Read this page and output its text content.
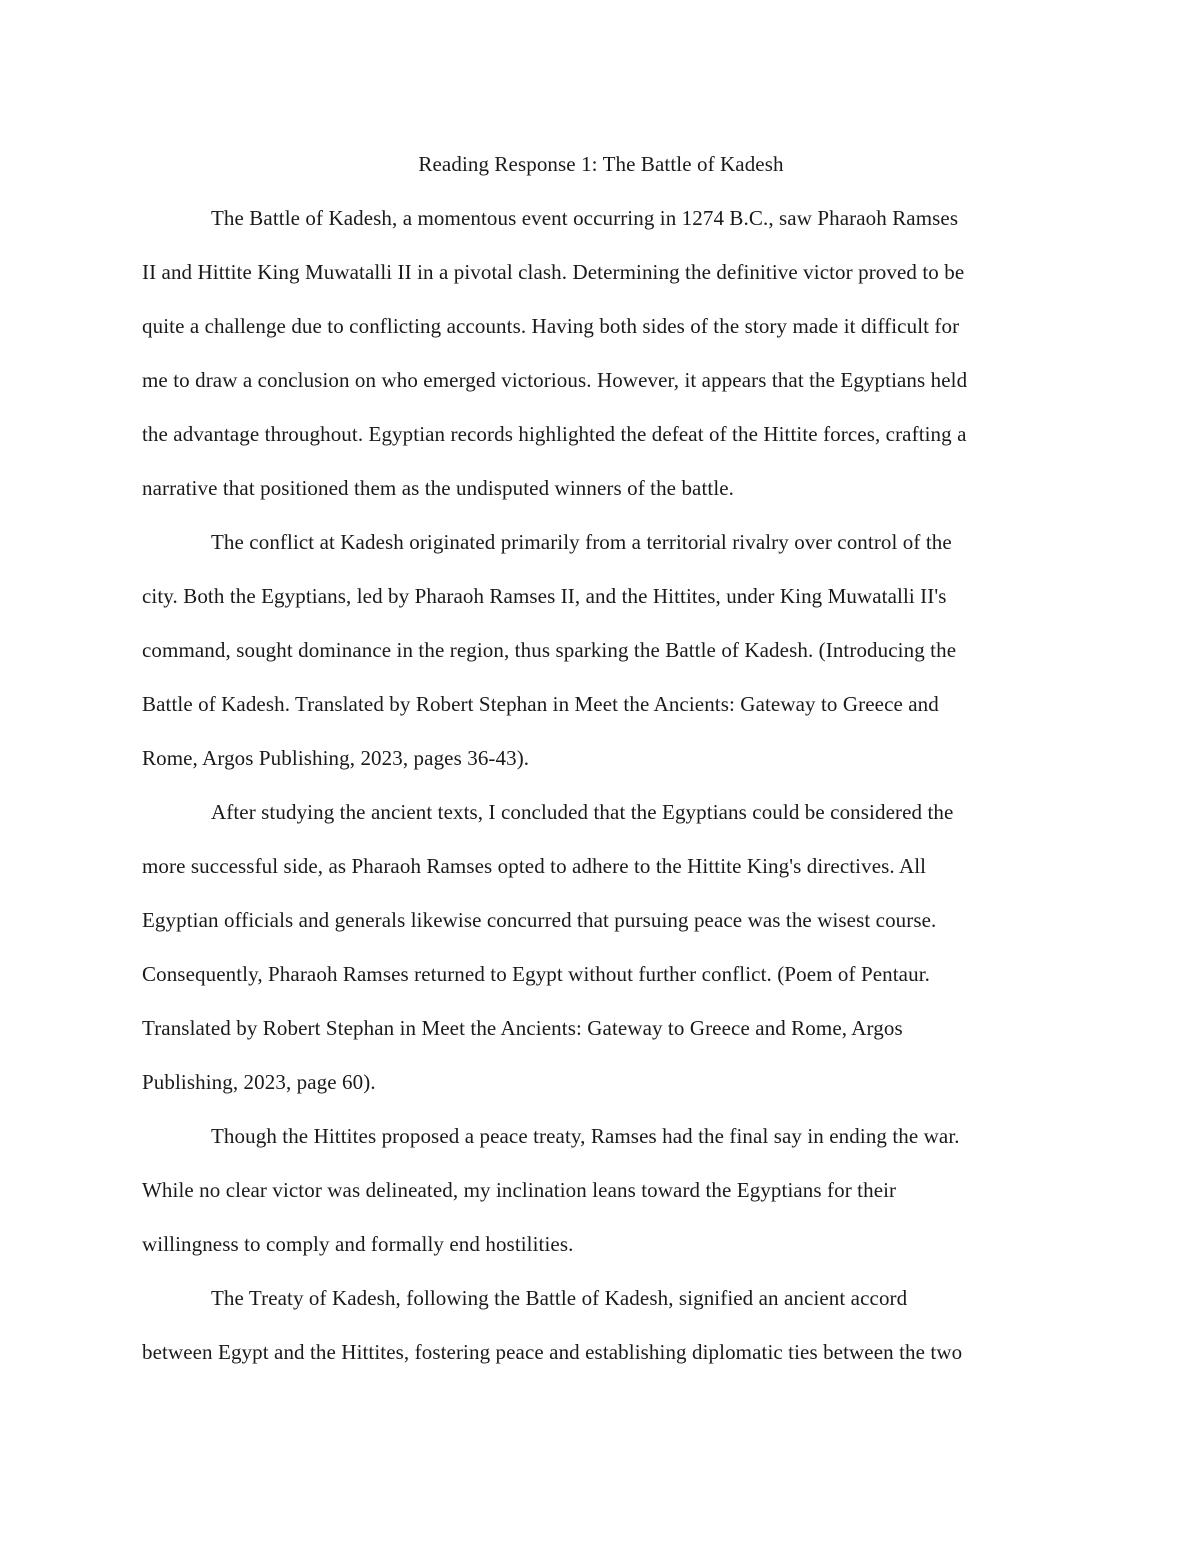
Reading Response 1: The Battle of Kadesh

The Battle of Kadesh, a momentous event occurring in 1274 B.C., saw Pharaoh Ramses
II and Hittite King Muwatalli II in a pivotal clash. Determining the definitive victor proved to be
quite a challenge due to conflicting accounts. Having both sides of the story made it difficult for
me to draw a conclusion on who emerged victorious. However, it appears that the Egyptians held
the advantage throughout. Egyptian records highlighted the defeat of the Hittite forces, crafting a
narrative that positioned them as the undisputed winners of the battle.

The conflict at Kadesh originated primarily from a territorial rivalry over control of the
city. Both the Egyptians, led by Pharaoh Ramses II, and the Hittites, under King Muwatalli II's
command, sought dominance in the region, thus sparking the Battle of Kadesh. (Introducing the
Battle of Kadesh. Translated by Robert Stephan in Meet the Ancients: Gateway to Greece and
Rome, Argos Publishing, 2023, pages 36-43).

After studying the ancient texts, I concluded that the Egyptians could be considered the
more successful side, as Pharaoh Ramses opted to adhere to the Hittite King's directives. All
Egyptian officials and generals likewise concurred that pursuing peace was the wisest course.
Consequently, Pharaoh Ramses returned to Egypt without further conflict. (Poem of Pentaur.
Translated by Robert Stephan in Meet the Ancients: Gateway to Greece and Rome, Argos
Publishing, 2023, page 60).

Though the Hittites proposed a peace treaty, Ramses had the final say in ending the war.
While no clear victor was delineated, my inclination leans toward the Egyptians for their
willingness to comply and formally end hostilities.

The Treaty of Kadesh, following the Battle of Kadesh, signified an ancient accord
between Egypt and the Hittites, fostering peace and establishing diplomatic ties between the two
